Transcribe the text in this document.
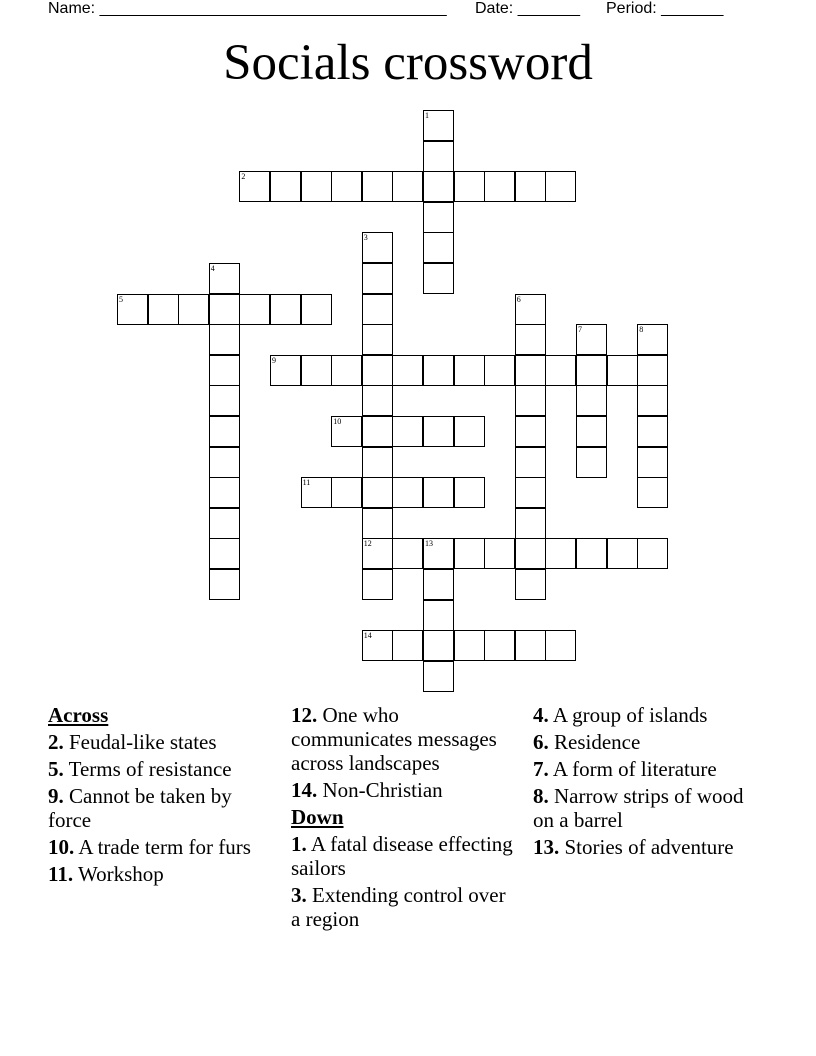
Name: _______________________________________ Date: _______ Period: _______
Socials crossword
1
2
3
4
5	6
7	8
9
10
11
12	13
14
Across
2. Feudal-like states
5. Terms of resistance
9. Cannot be taken by force
10. A trade term for furs
11. Workshop
12. One who communicates messages across landscapes
14. Non-Christian
Down
1. A fatal disease effecting sailors
3. Extending control over a region
4. A group of islands
6. Residence
7. A form of literature
8. Narrow strips of wood on a barrel
13. Stories of adventure
